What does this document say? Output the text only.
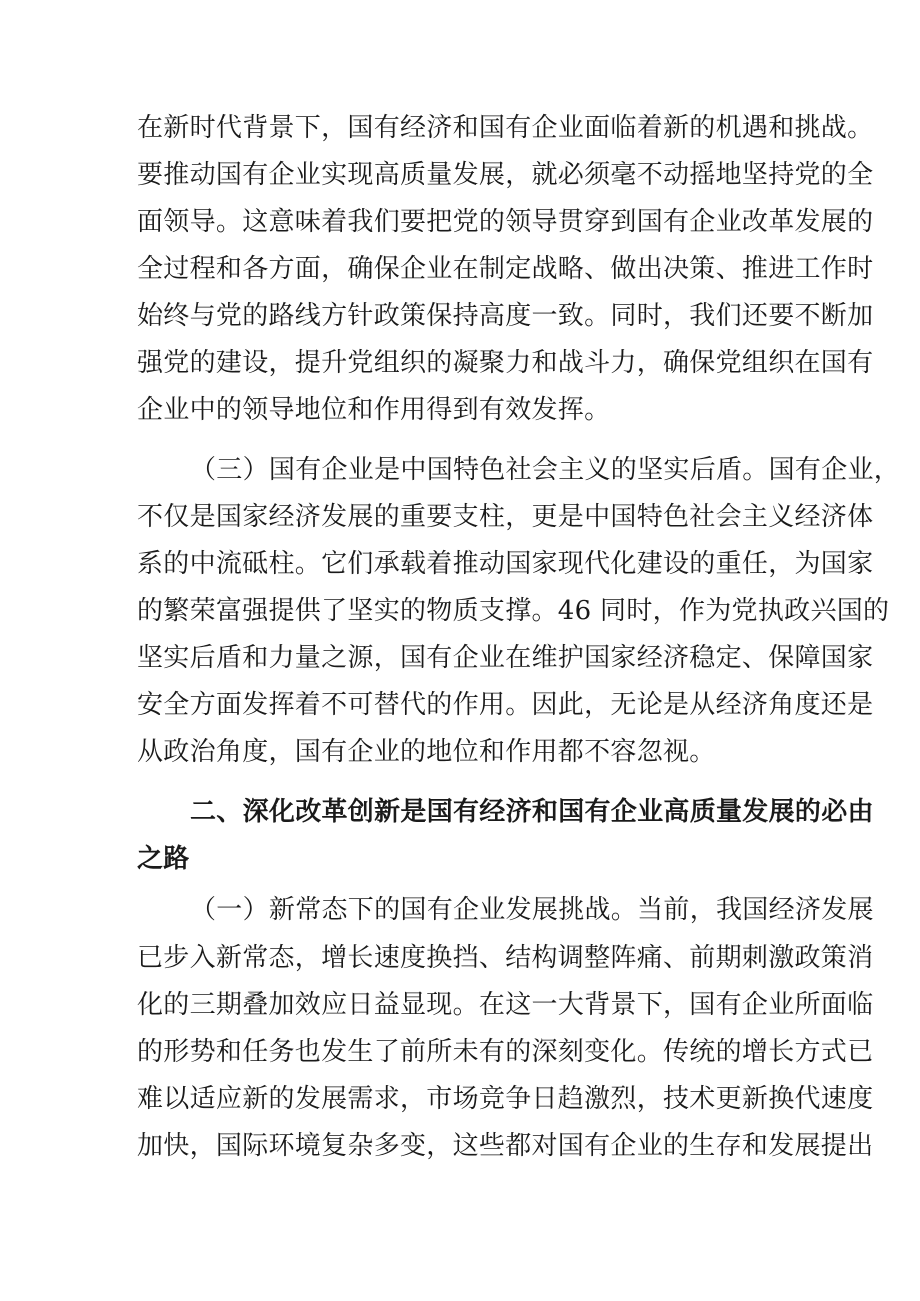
在新时代背景下，国有经济和国有企业面临着新的机遇和挑战。
要推动国有企业实现高质量发展，就必须毫不动摇地坚持党的全
面领导。这意味着我们要把党的领导贯穿到国有企业改革发展的
全过程和各方面，确保企业在制定战略、做出决策、推进工作时
始终与党的路线方针政策保持高度一致。同时，我们还要不断加
强党的建设，提升党组织的凝聚力和战斗力，确保党组织在国有
企业中的领导地位和作用得到有效发挥。
（三）国有企业是中国特色社会主义的坚实后盾。国有企业，
不仅是国家经济发展的重要支柱，更是中国特色社会主义经济体
系的中流砥柱。它们承载着推动国家现代化建设的重任，为国家
的繁荣富强提供了坚实的物质支撑。46 同时，作为党执政兴国的
坚实后盾和力量之源，国有企业在维护国家经济稳定、保障国家
安全方面发挥着不可替代的作用。因此，无论是从经济角度还是
从政治角度，国有企业的地位和作用都不容忽视。
二、深化改革创新是国有经济和国有企业高质量发展的必由
之路
（一）新常态下的国有企业发展挑战。当前，我国经济发展
已步入新常态，增长速度换挡、结构调整阵痛、前期刺激政策消
化的三期叠加效应日益显现。在这一大背景下，国有企业所面临
的形势和任务也发生了前所未有的深刻变化。传统的增长方式已
难以适应新的发展需求，市场竞争日趋激烈，技术更新换代速度
加快，国际环境复杂多变，这些都对国有企业的生存和发展提出
